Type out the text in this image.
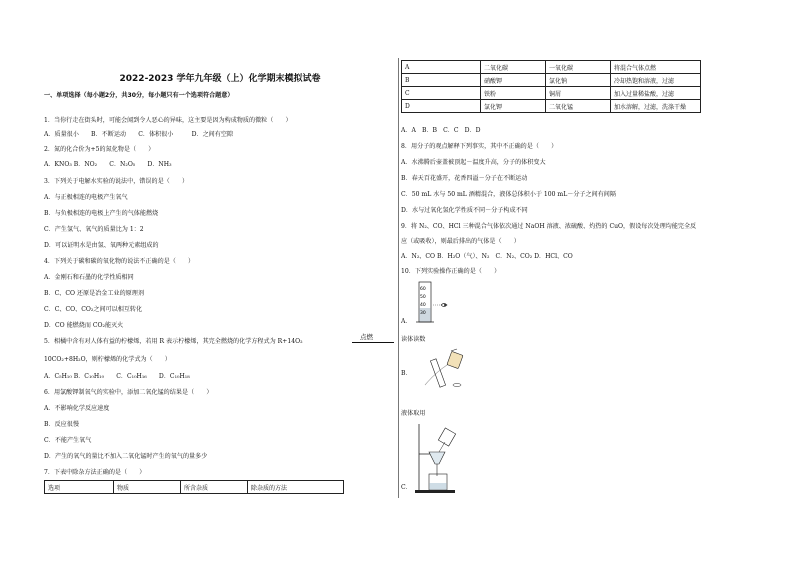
2022-2023 学年九年级（上）化学期末模拟试卷
一、单项选择（每小题2分，共30分，每小题只有一个选项符合题意）
1．当你行走在街头时，可能会闻到令人恶心的异味，这主要是因为构成物质的微粒（　　）
A．质量很小　　B．不断运动　　C．体积很小　　　D．之间有空隙
2．氮的化合价为+5的氮化物是（　　）
A．KNO₃ B．NO₂　　C．N₂O₅　　D．NH₃
3．下列关于电解水实验的说法中，错误的是（　　）
A．与正极相连的电极产生氧气
B．与负极相连的电极上产生的气体能燃烧
C．产生氢气、氧气的质量比为 1：2
D．可以证明水是由氢、氧两种元素组成的
4．下列关于碳和碳的氧化物的说法不正确的是（　　）
A．金刚石和石墨的化学性质相同
B．C、CO 还原是冶金工业的原理剂
C．C、CO、CO₂之间可以相互转化
D．CO 能燃烧而 CO₂能灭火
5．相橘中含有对人体有益的柠檬烯，若用 R 表示柠檬烯，其完全燃烧的化学方程式为 R+14O₂
点燃
10CO₂+8H₂O，则柠檬烯的化学式为（　　）
A．C₅H₁₀ B．C₁₀H₁₀　　C．C₁₀H₁₆　　D．C₁₀H₁₈
6．用氯酸钾制氧气的实验中，添加二氧化锰的结果是（　　）
A．不影响化学反应速度
B．反应很慢
C．不能产生氧气
D．产生的氧气的量比不加入二氧化锰时产生的氧气的量多少
7．下表中除杂方法正确的是（　　）
选项	物质	所含杂质	除杂质的方法
A	二氧化碳	一氧化碳	将混合气体点燃
B	硝酸钾	氯化钠	冷却热饱和溶液，过滤
C	铁粉	铜屑	加入过量稀盐酸，过滤
D	氯化钾	二氧化锰	加水溶解，过滤，洗涤干燥
A．A　B．B　C．C　D．D
8．用分子的观点解释下列事实，其中不正确的是（　　）
A．水沸腾后壶盖被顶起－温度升高，分子的体积变大
B．春天百花盛开，花香四溢－分子在不断运动
C．50 mL 水与 50 mL 酒精混合，液体总体积小于 100 mL－分子之间有间隔
D．水与过氧化氢化学性质不同－分子构成不同
9．将 N₂、CO、HCl 三种混合气体依次通过 NaOH 溶液、浓硫酸、灼热的 CuO，假设每次处理均能完全反
应（或吸收），则最后排出的气体是（　　）
A．N₂、CO B．H₂O（气）、N₂　C．N₂、CO₂ D．HCl、CO
10．下列实验操作正确的是（　　）
60
50
40
30
A．
读体读数
B．
液体取用
C．
